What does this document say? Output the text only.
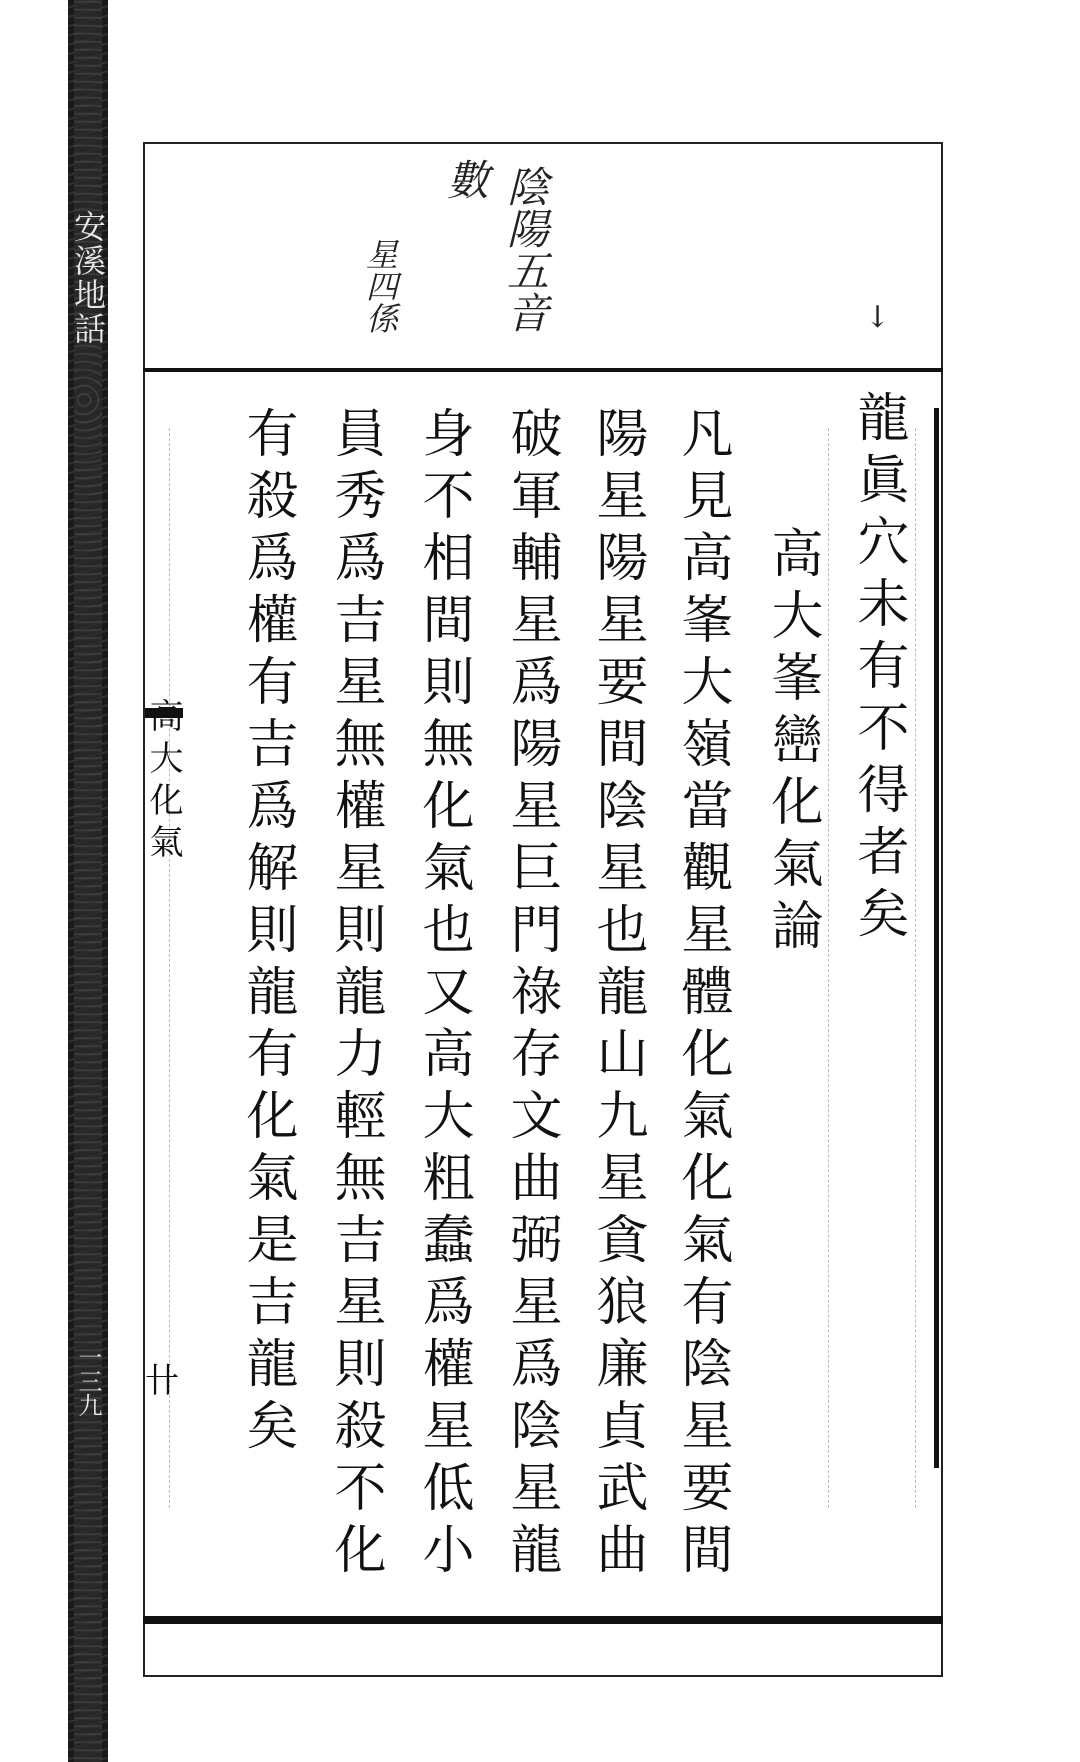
安溪地話
一三九
陰陽五音
數
星四係	↓
龍眞穴未有不得者矣
高大峯巒化氣論
凡見高峯大嶺當觀星體化氣化氣有陰星要間
陽星陽星要間陰星也龍山九星貪狼廉貞武曲
破軍輔星爲陽星巨門祿存文曲弼星爲陰星龍
身不相間則無化氣也又高大粗蠢爲權星低小
員秀爲吉星無權星則龍力輕無吉星則殺不化
有殺爲權有吉爲解則龍有化氣是吉龍矣
高大化氣
卄
